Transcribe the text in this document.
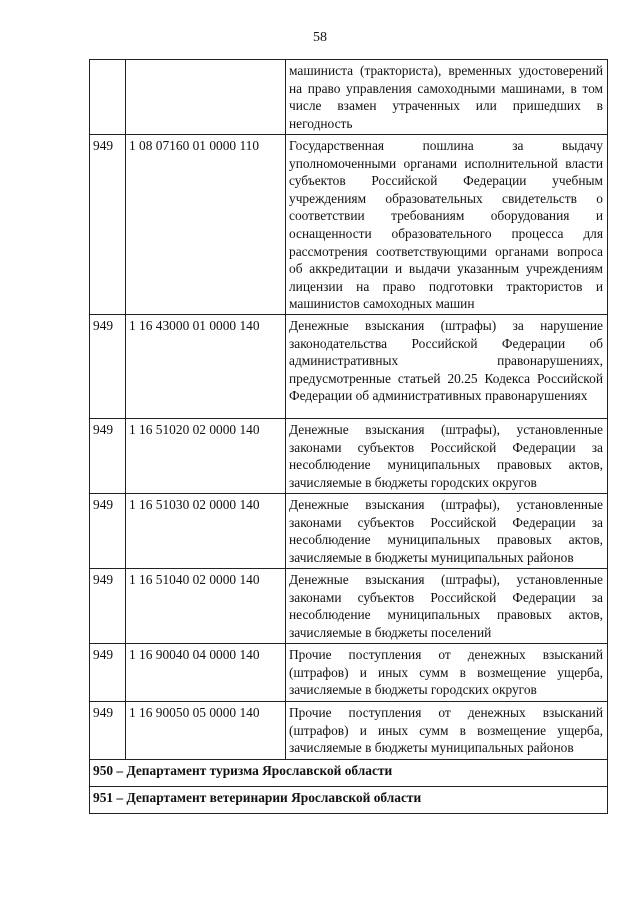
58
		машиниста (тракториста), временных удостоверений на право управления самоходными машинами, в том числе взамен утраченных или пришедших в негодность
949	1 08 07160 01 0000 110	Государственная пошлина за выдачу уполномоченными органами исполнительной власти субъектов Российской Федерации учебным учреждениям образовательных свидетельств о соответствии требованиям оборудования и оснащенности образовательного процесса для рассмотрения соответствующими органами вопроса об аккредитации и выдачи указанным учреждениям лицензии на право подготовки трактористов и машинистов самоходных машин
949	1 16 43000 01 0000 140	Денежные взыскания (штрафы) за нарушение законодательства Российской Федерации об административных правонарушениях, предусмотренные статьей 20.25 Кодекса Российской Федерации об административных правонарушениях
949	1 16 51020 02 0000 140	Денежные взыскания (штрафы), установленные законами субъектов Российской Федерации за несоблюдение муниципальных правовых актов, зачисляемые в бюджеты городских округов
949	1 16 51030 02 0000 140	Денежные взыскания (штрафы), установленные законами субъектов Российской Федерации за несоблюдение муниципальных правовых актов, зачисляемые в бюджеты муниципальных районов
949	1 16 51040 02 0000 140	Денежные взыскания (штрафы), установленные законами субъектов Российской Федерации за несоблюдение муниципальных правовых актов, зачисляемые в бюджеты поселений
949	1 16 90040 04 0000 140	Прочие поступления от денежных взысканий (штрафов) и иных сумм в возмещение ущерба, зачисляемые в бюджеты городских округов
949	1 16 90050 05 0000 140	Прочие поступления от денежных взысканий (штрафов) и иных сумм в возмещение ущерба, зачисляемые в бюджеты муниципальных районов
950 – Департамент туризма Ярославской области		
951 – Департамент ветеринарии Ярославской области		
